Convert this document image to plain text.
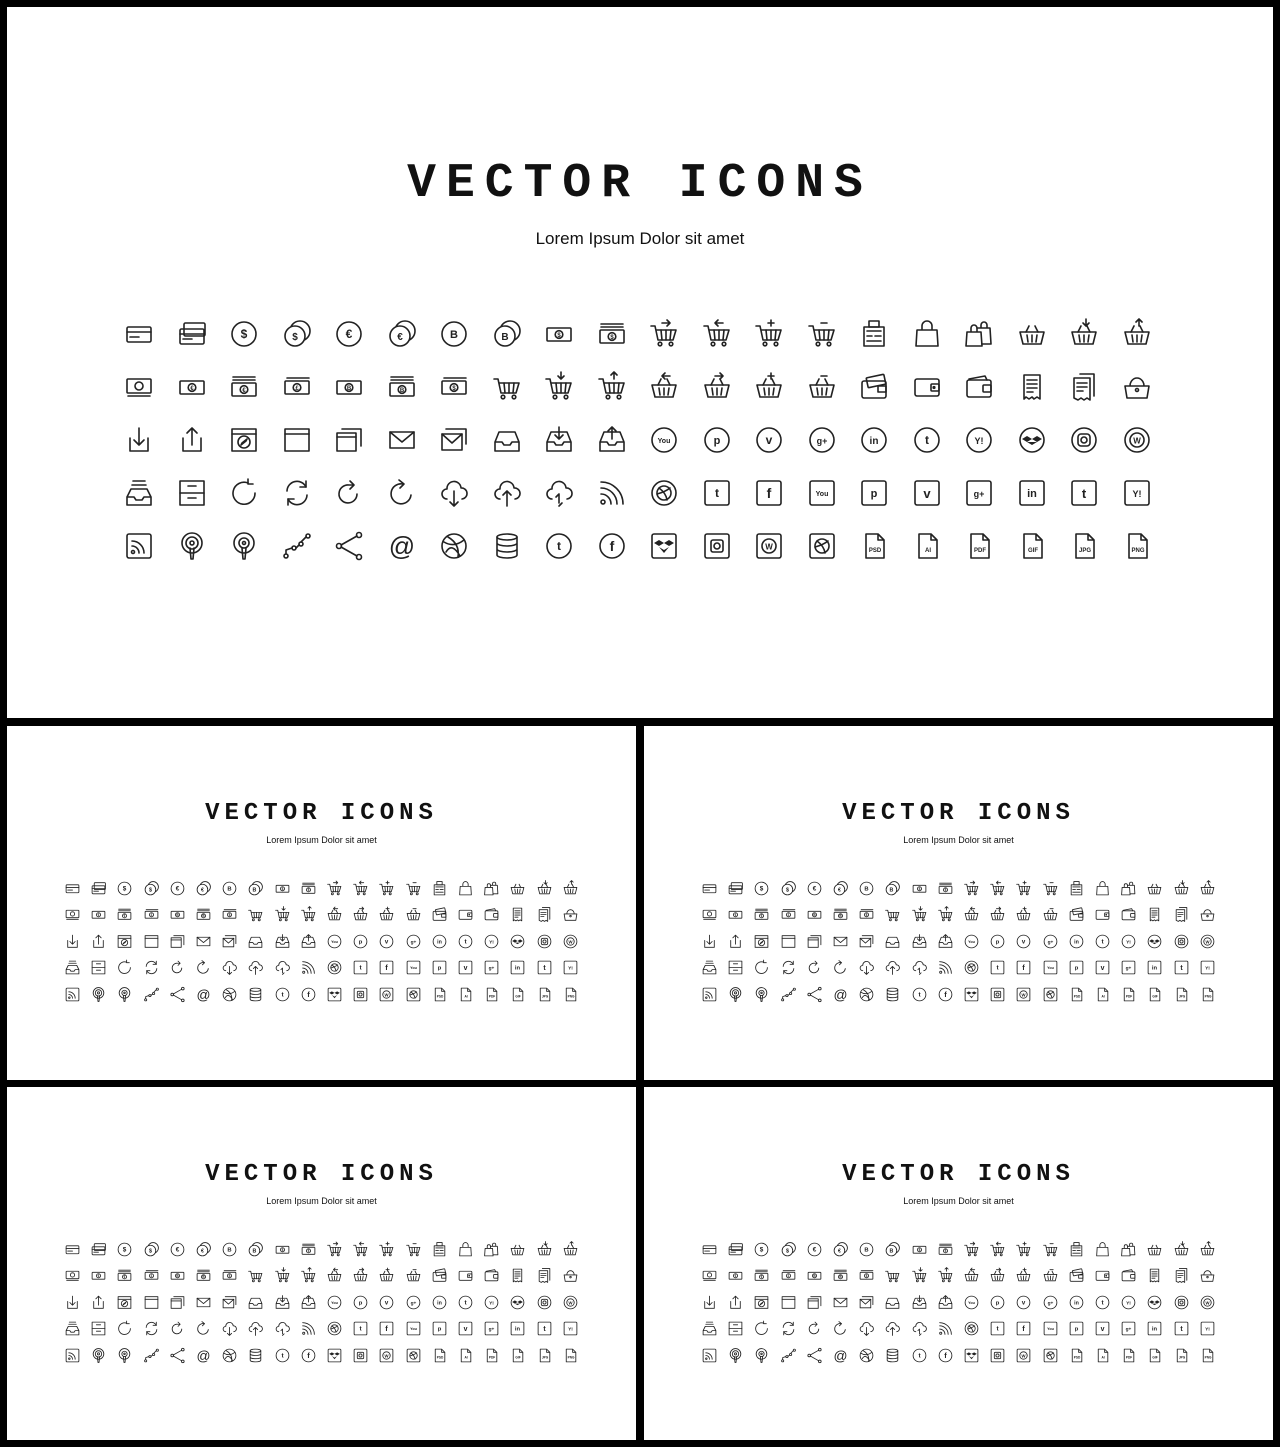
VECTOR ICONS
Lorem Ipsum Dolor sit amet
$	$	€	€	B	B	$	$
€	€	£	B	B	$
You	p	v	g+	in	t	Y!	W
t	f	You	p	v	g+	in	t	Y!
@	t	f	W	PSD	AI	PDF	GIF	JPG	PNG
VECTOR ICONS
Lorem Ipsum Dolor sit amet
$ $ € € B B	$	$
€	€	£	B	B	$
You p v g+ in t	Y!	W
t f	You p v g+ in t	Y!
@	t f	W	PSD	AI	PDF	GIF	JPG	PNG
VECTOR ICONS
Lorem Ipsum Dolor sit amet
$ $ € € B B	$	$
€	€	£	B	B	$
You p v g+ in t	Y!	W
t f	You p v g+ in t	Y!
@	t f	W	PSD	AI	PDF	GIF	JPG	PNG
VECTOR ICONS
Lorem Ipsum Dolor sit amet
$ $ € € B B	$	$
€	€	£	B	B	$
You p v g+ in t	Y!	W
t f	You p v g+ in t	Y!
@	t f	W	PSD	AI	PDF	GIF	JPG	PNG
VECTOR ICONS
Lorem Ipsum Dolor sit amet
$ $ € € B B	$	$
€	€	£	B	B	$
You p v g+ in t	Y!	W
t f	You p v g+ in t	Y!
@	t f	W	PSD	AI	PDF	GIF	JPG	PNG
